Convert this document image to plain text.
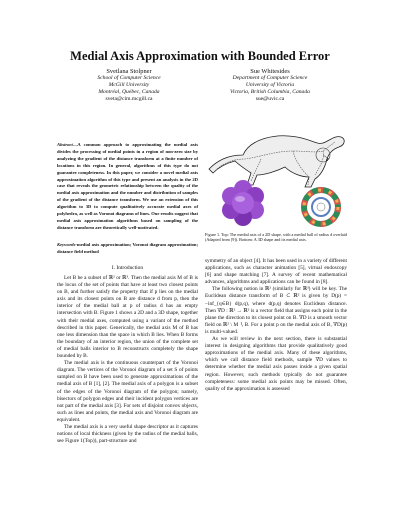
Medial Axis Approximation with Bounded Error
Svetlana Stolpner
School of Computer Science
McGill University
Montréal, Québec, Canada
sveta@cim.mcgill.ca
Sue Whitesides
Department of Computer Science
University of Victoria
Victoria, British Columbia, Canada
sue@uvic.ca
Abstract—A common approach to approximating the medial axis divides the processing of medial points in a region of non-zero size by analyzing the gradient of the distance transform at a finite number of locations in this region. In general, algorithms of this type do not guarantee completeness. In this paper, we consider a novel medial axis approximation algorithm of this type and present an analysis in the 2D case that reveals the geometric relationship between the quality of the medial axis approximation and the number and distribution of samples of the gradient of the distance transform. We use an extension of this algorithm to 3D to compute qualitatively accurate medial axes of polyhedra, as well as Voronoi diagrams of lines. Our results suggest that medial axis approximation algorithms based on sampling of the distance transform are theoretically well-motivated.
Keywords-medial axis approximation; Voronoi diagram approximation; distance field method
I. Introduction

Let B be a subset of ℝ² or ℝ³. Then the medial axis M of B is the locus of the set of points that have at least two closest points on B, and further satisfy the property that if p lies on the medial axis and its closest points on B are distance d from p, then the interior of the medial ball at p of radius d has an empty intersection with B. Figure 1 shows a 2D and a 3D shape, together with their medial axes, computed using a variant of the method described in this paper. Generically, the medial axis M of B has one less dimension than the space in which B lies. When B forms the boundary of an interior region, the union of the complete set of medial balls interior to B reconstructs completely the shape bounded by B.

The medial axis is the continuous counterpart of the Voronoi diagram. The vertices of the Voronoi diagram of a set S of points sampled on B have been used to generate approximations of the medial axis of B [1], [2]. The medial axis of a polygon is a subset of the edges of the Voronoi diagram of the polygon; namely, bisectors of polygon edges and their incident polygon vertices are not part of the medial axis [3]. For sets of disjoint convex objects, such as lines and points, the medial axis and Voronoi diagram are equivalent.

The medial axis is a very useful shape descriptor as it captures notions of local thickness (given by the radius of the medial balls, see Figure 1(Top)), part-structure and

d
Figure 1. Top: The medial axis of a 2D shape, with a medial ball of radius d overlaid (Adapted from [9]). Bottom: A 3D shape and its medial axis.

symmetry of an object [4]. It has been used in a variety of different applications, such as character animation [5], virtual endoscopy [6] and shape matching [7]. A survey of recent mathematical advances, algorithms and applications can be found in [8].

The following notion in ℝ² (similarly for ℝ³) will be key. The Euclidean distance transform of B ⊂ ℝ² is given by D(p) = −inf_{q∈B} d(p,q), where d(p,q) denotes Euclidean distance. Then ∇D : ℝ² → ℝ² is a vector field that assigns each point in the plane the direction to its closest point on B. ∇D is a smooth vector field on ℝ² \ M ∖ B. For a point p on the medial axis of B, ∇D(p) is multi-valued.

As we will review in the next section, there is substantial interest in designing algorithms that provide qualitatively good approximations of the medial axis. Many of these algorithms, which we call distance field methods, sample ∇D values to determine whether the medial axis passes inside a given spatial region. However, such methods typically do not guarantee completeness: some medial axis points may be missed. Often, quality of the approximation is assessed
